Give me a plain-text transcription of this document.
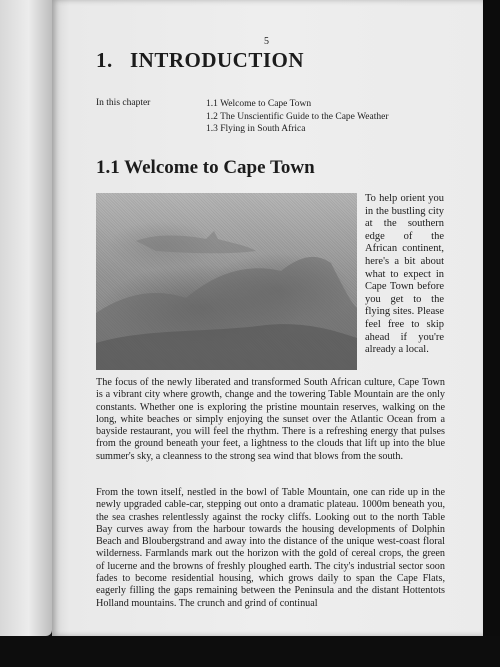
5
1. INTRODUCTION
In this chapter	1.1 Welcome to Cape Town
1.2 The Unscientific Guide to the Cape Weather
1.3 Flying in South Africa
1.1 Welcome to Cape Town

To help orient you in the bustling city at the southern edge of the African continent, here's a bit about what to expect in Cape Town before you get to the flying sites. Please feel free to skip ahead if you're already a local.

The focus of the newly liberated and transformed South African culture, Cape Town is a vibrant city where growth, change and the towering Table Mountain are the only constants. Whether one is exploring the pristine mountain reserves, walking on the long, white beaches or simply enjoying the sunset over the Atlantic Ocean from a bayside restaurant, you will feel the rhythm. There is a refreshing energy that pulses from the ground beneath your feet, a lightness to the clouds that lift up into the blue summer's sky, a cleanness to the strong sea wind that blows from the south.

From the town itself, nestled in the bowl of Table Mountain, one can ride up in the newly upgraded cable-car, stepping out onto a dramatic plateau. 1000m beneath you, the sea crashes relentlessly against the rocky cliffs. Looking out to the north Table Bay curves away from the harbour towards the housing developments of Dolphin Beach and Bloubergstrand and away into the distance of the unique west-coast floral wilderness. Farmlands mark out the horizon with the gold of cereal crops, the green of lucerne and the browns of freshly ploughed earth. The city's industrial sector soon fades to become residential housing, which grows daily to span the Cape Flats, eagerly filling the gaps remaining between the Peninsula and the distant Hottentots Holland mountains. The crunch and grind of continual
